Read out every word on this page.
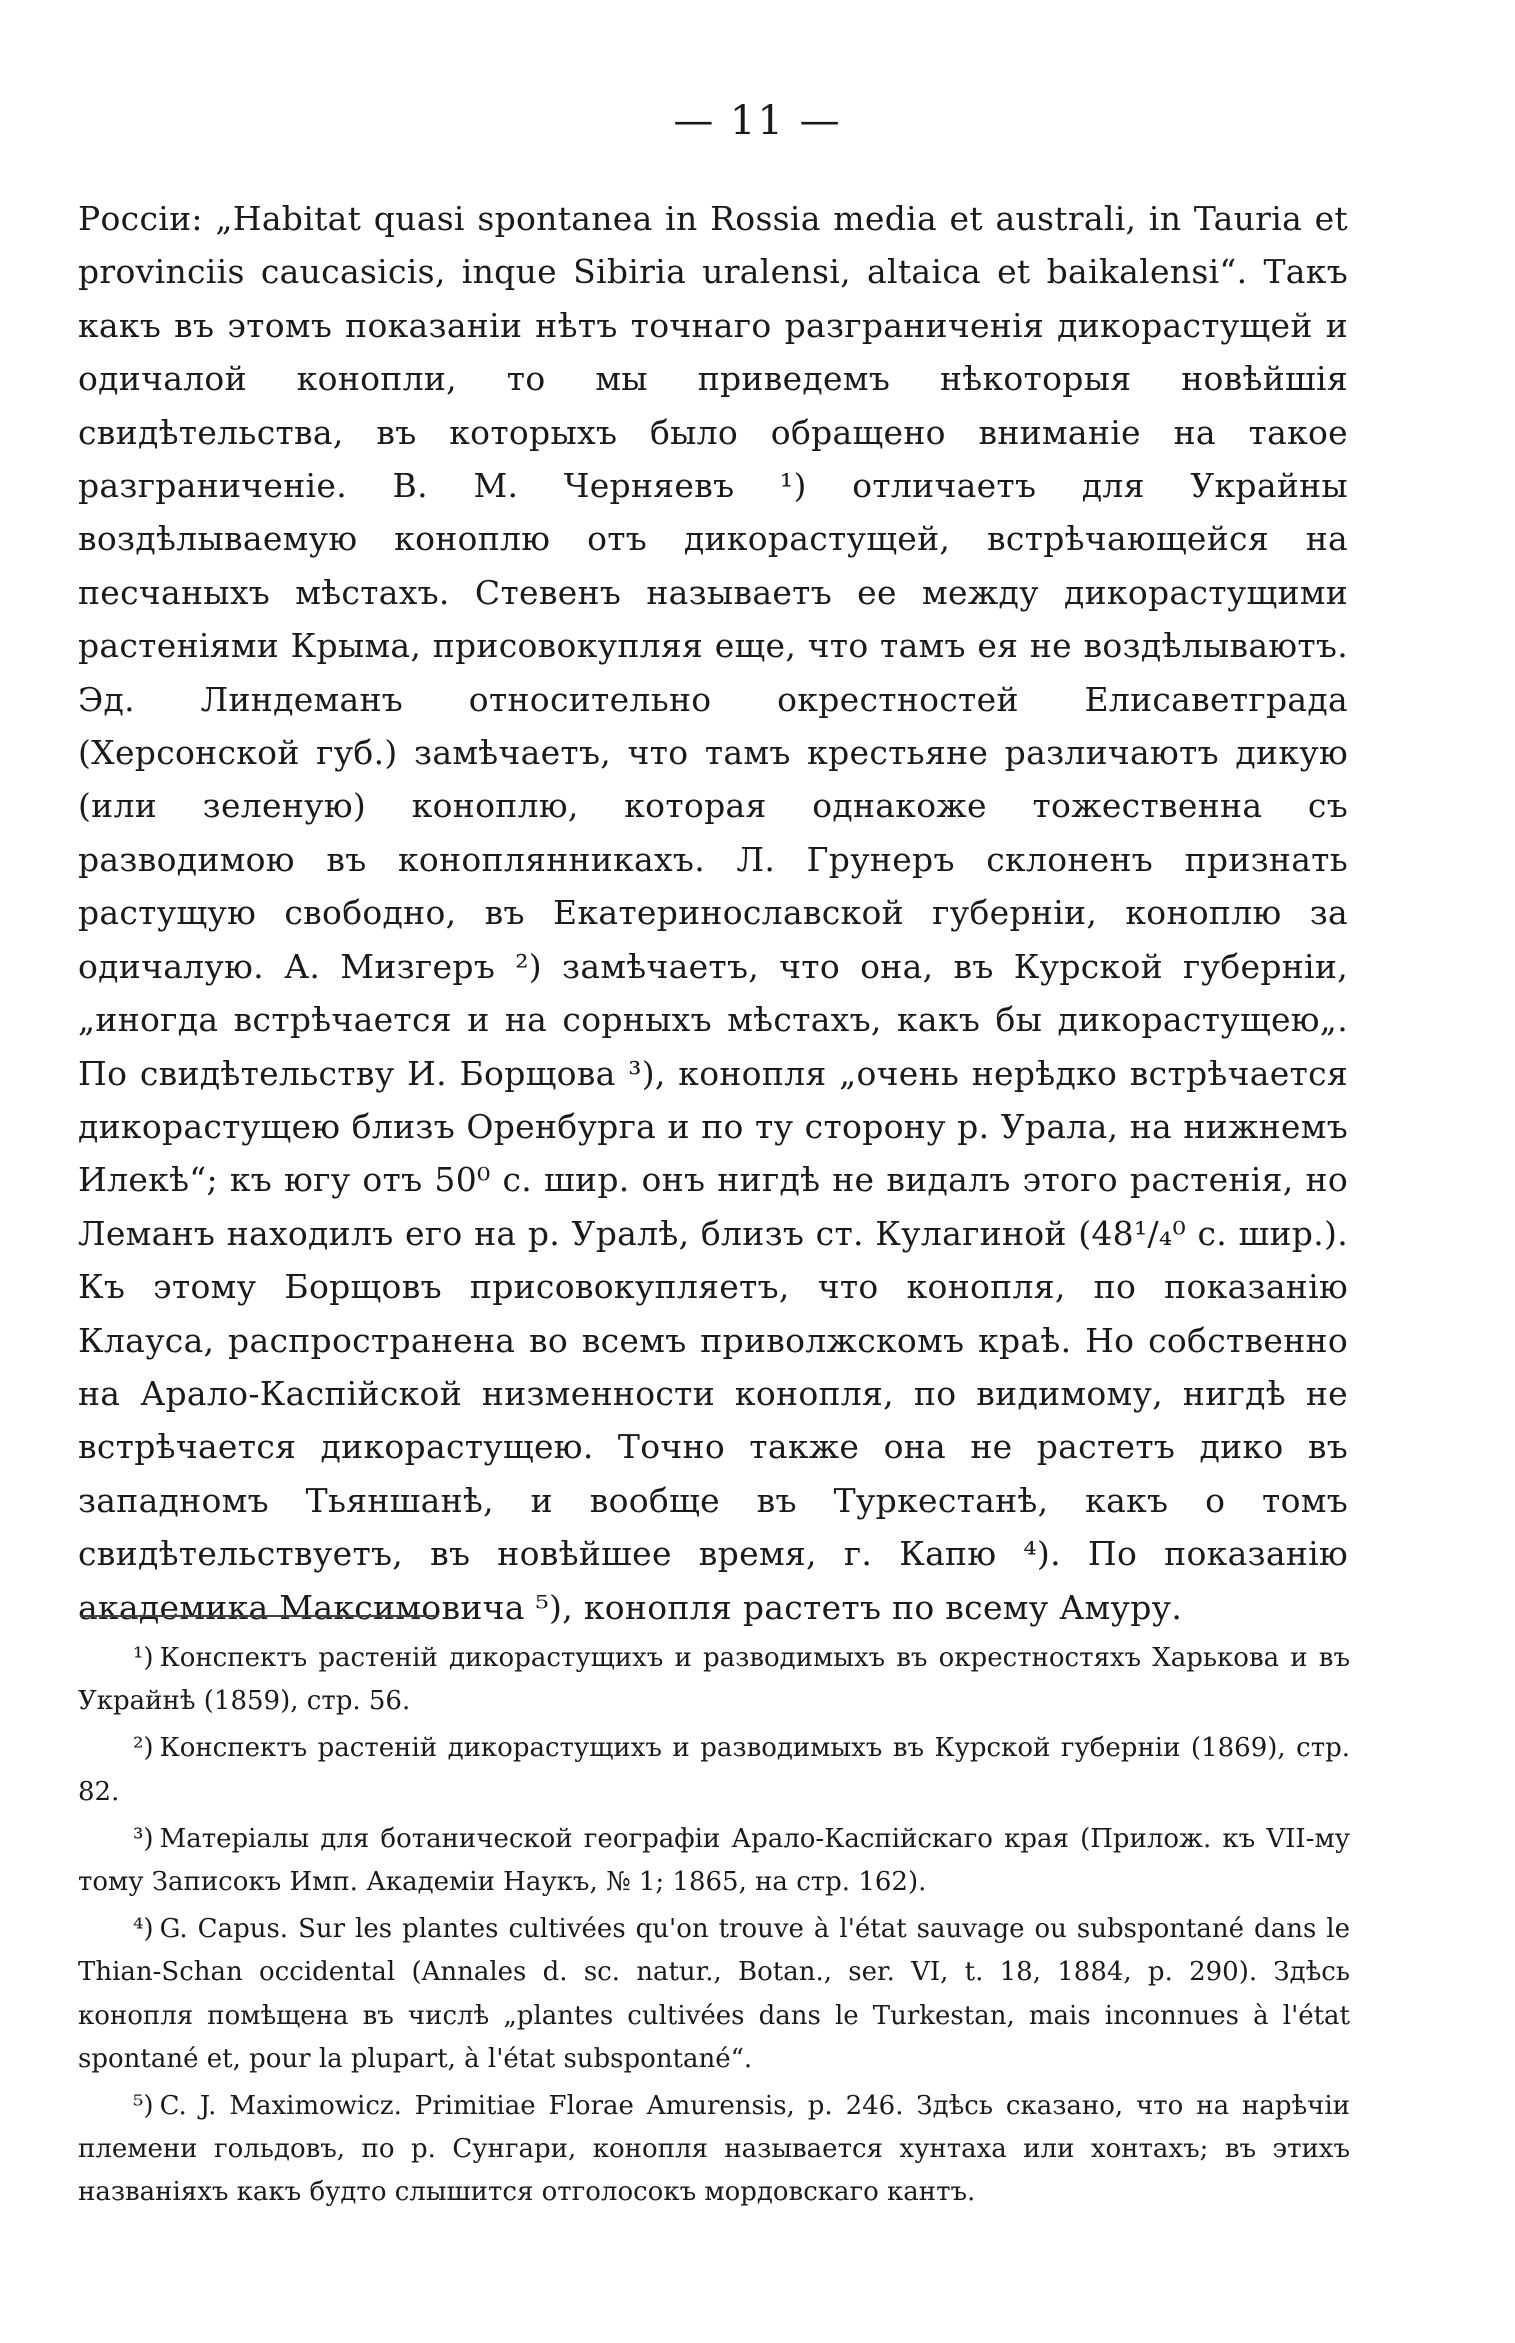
— 11 —

Россіи: „Habitat quasi spontanea in Rossia media et australi, in Tauria et provinciis caucasicis, inque Sibiria uralensi, altaica et baikalensi“. Такъ какъ въ этомъ показаніи нѣтъ точнаго разграниченія дикорастущей и одичалой конопли, то мы приведемъ нѣкоторыя новѣйшія свидѣтельства, въ которыхъ было обращено вниманіе на такое разграниченіе. В. М. Черняевъ ¹) отличаетъ для Украйны воздѣлываемую коноплю отъ дикорастущей, встрѣчающейся на песчаныхъ мѣстахъ. Стевенъ называетъ ее между дикорастущими растеніями Крыма, присовокупляя еще, что тамъ ея не воздѣлываютъ. Эд. Линдеманъ относительно окрестностей Елисаветграда (Херсонской губ.) замѣчаетъ, что тамъ крестьяне различаютъ дикую (или зеленую) коноплю, которая однакоже тожественна съ разводимою въ коноплянникахъ. Л. Грунеръ склоненъ признать растущую свободно, въ Екатеринославской губерніи, коноплю за одичалую. А. Мизгеръ ²) замѣчаетъ, что она, въ Курской губерніи, „иногда встрѣчается и на сорныхъ мѣстахъ, какъ бы дикорастущею„. По свидѣтельству И. Борщова ³), конопля „очень нерѣдко встрѣчается дикорастущею близъ Оренбурга и по ту сторону р. Урала, на нижнемъ Илекѣ“; къ югу отъ 50⁰ с. шир. онъ нигдѣ не видалъ этого растенія, но Леманъ находилъ его на р. Уралѣ, близъ ст. Кулагиной (48¹/₄⁰ с. шир.). Къ этому Борщовъ присовокупляетъ, что конопля, по показанію Клауса, распространена во всемъ приволжскомъ краѣ. Но собственно на Арало-Каспійской низменности конопля, по видимому, нигдѣ не встрѣчается дикорастущею. Точно также она не растетъ дико въ западномъ Тьяншанѣ, и вообще въ Туркестанѣ, какъ о томъ свидѣтельствуетъ, въ новѣйшее время, г. Капю ⁴). По показанію академика Максимовича ⁵), конопля растетъ по всему Амуру.

¹) Конспектъ растеній дикорастущихъ и разводимыхъ въ окрестностяхъ Харькова и въ Украйнѣ (1859), стр. 56.

²) Конспектъ растеній дикорастущихъ и разводимыхъ въ Курской губерніи (1869), стр. 82.

³) Матеріалы для ботанической географіи Арало-Каспійскаго края (Прилож. къ VII-му тому Записокъ Имп. Академіи Наукъ, № 1; 1865, на стр. 162).

⁴) G. Capus. Sur les plantes cultivées qu'on trouve à l'état sauvage ou subspontané dans le Thian-Schan occidental (Annales d. sc. natur., Botan., ser. VI, t. 18, 1884, p. 290). Здѣсь конопля помѣщена въ числѣ „plantes cultivées dans le Turkestan, mais inconnues à l'état spontané et, pour la plupart, à l'état subspontané“.

⁵) C. J. Maximowicz. Primitiae Florae Amurensis, p. 246. Здѣсь сказано, что на нарѣчіи племени гольдовъ, по р. Сунгари, конопля называется хунтаха или хонтахъ; въ этихъ названіяхъ какъ будто слышится отголосокъ мордовскаго кантъ.
